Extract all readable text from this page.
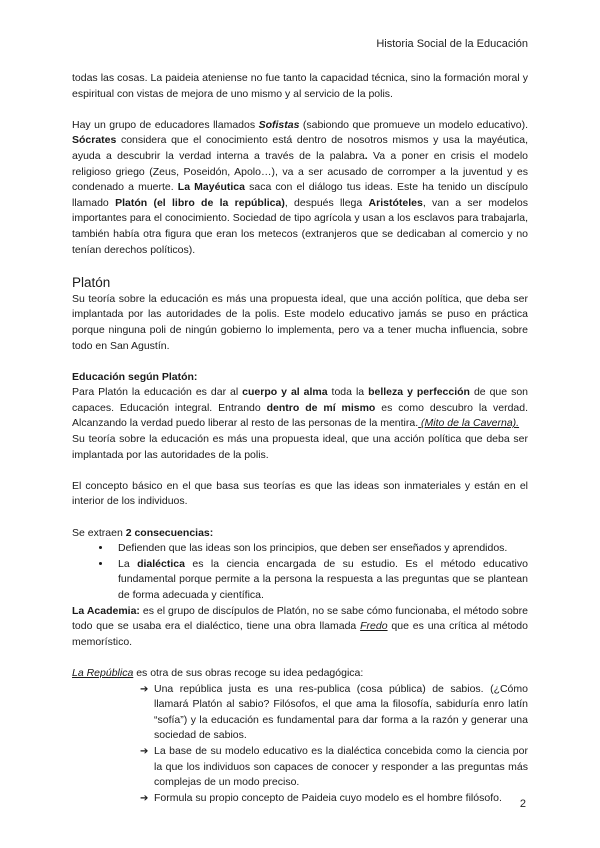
Historia Social de la Educación

todas las cosas. La paideia ateniense no fue tanto la capacidad técnica, sino la formación moral y espiritual con vistas de mejora de uno mismo y al servicio de la polis.

Hay un grupo de educadores llamados Sofistas (sabiondo que promueve un modelo educativo). Sócrates considera que el conocimiento está dentro de nosotros mismos y usa la mayéutica, ayuda a descubrir la verdad interna a través de la palabra. Va a poner en crisis el modelo religioso griego (Zeus, Poseidón, Apolo…), va a ser acusado de corromper a la juventud y es condenado a muerte. La Mayéutica saca con el diálogo tus ideas. Este ha tenido un discípulo llamado Platón (el libro de la república), después llega Aristóteles, van a ser modelos importantes para el conocimiento. Sociedad de tipo agrícola y usan a los esclavos para trabajarla, también había otra figura que eran los metecos (extranjeros que se dedicaban al comercio y no tenían derechos políticos).

Platón

Su teoría sobre la educación es más una propuesta ideal, que una acción política, que deba ser implantada por las autoridades de la polis. Este modelo educativo jamás se puso en práctica porque ninguna poli de ningún gobierno lo implementa, pero va a tener mucha influencia, sobre todo en San Agustín.

Educación según Platón:

Para Platón la educación es dar al cuerpo y al alma toda la belleza y perfección de que son capaces. Educación integral. Entrando dentro de mí mismo es como descubro la verdad. Alcanzando la verdad puedo liberar al resto de las personas de la mentira. (Mito de la Caverna).

Su teoría sobre la educación es más una propuesta ideal, que una acción política que deba ser implantada por las autoridades de la polis.

El concepto básico en el que basa sus teorías es que las ideas son inmateriales y están en el interior de los individuos.

Se extraen 2 consecuencias:

• Defienden que las ideas son los principios, que deben ser enseñados y aprendidos.
• La dialéctica es la ciencia encargada de su estudio. Es el método educativo fundamental porque permite a la persona la respuesta a las preguntas que se plantean de forma adecuada y científica.

La Academia: es el grupo de discípulos de Platón, no se sabe cómo funcionaba, el método sobre todo que se usaba era el dialéctico, tiene una obra llamada Fredo que es una crítica al método memorístico.

La República es otra de sus obras recoge su idea pedagógica:

➔ Una república justa es una res-publica (cosa pública) de sabios. (¿Cómo llamará Platón al sabio? Filósofos, el que ama la filosofía, sabiduría enro latín “sofía”) y la educación es fundamental para dar forma a la razón y generar una sociedad de sabios.
➔ La base de su modelo educativo es la dialéctica concebida como la ciencia por la que los individuos son capaces de conocer y responder a las preguntas más complejas de un modo preciso.
➔ Formula su propio concepto de Paideia cuyo modelo es el hombre filósofo.
2
